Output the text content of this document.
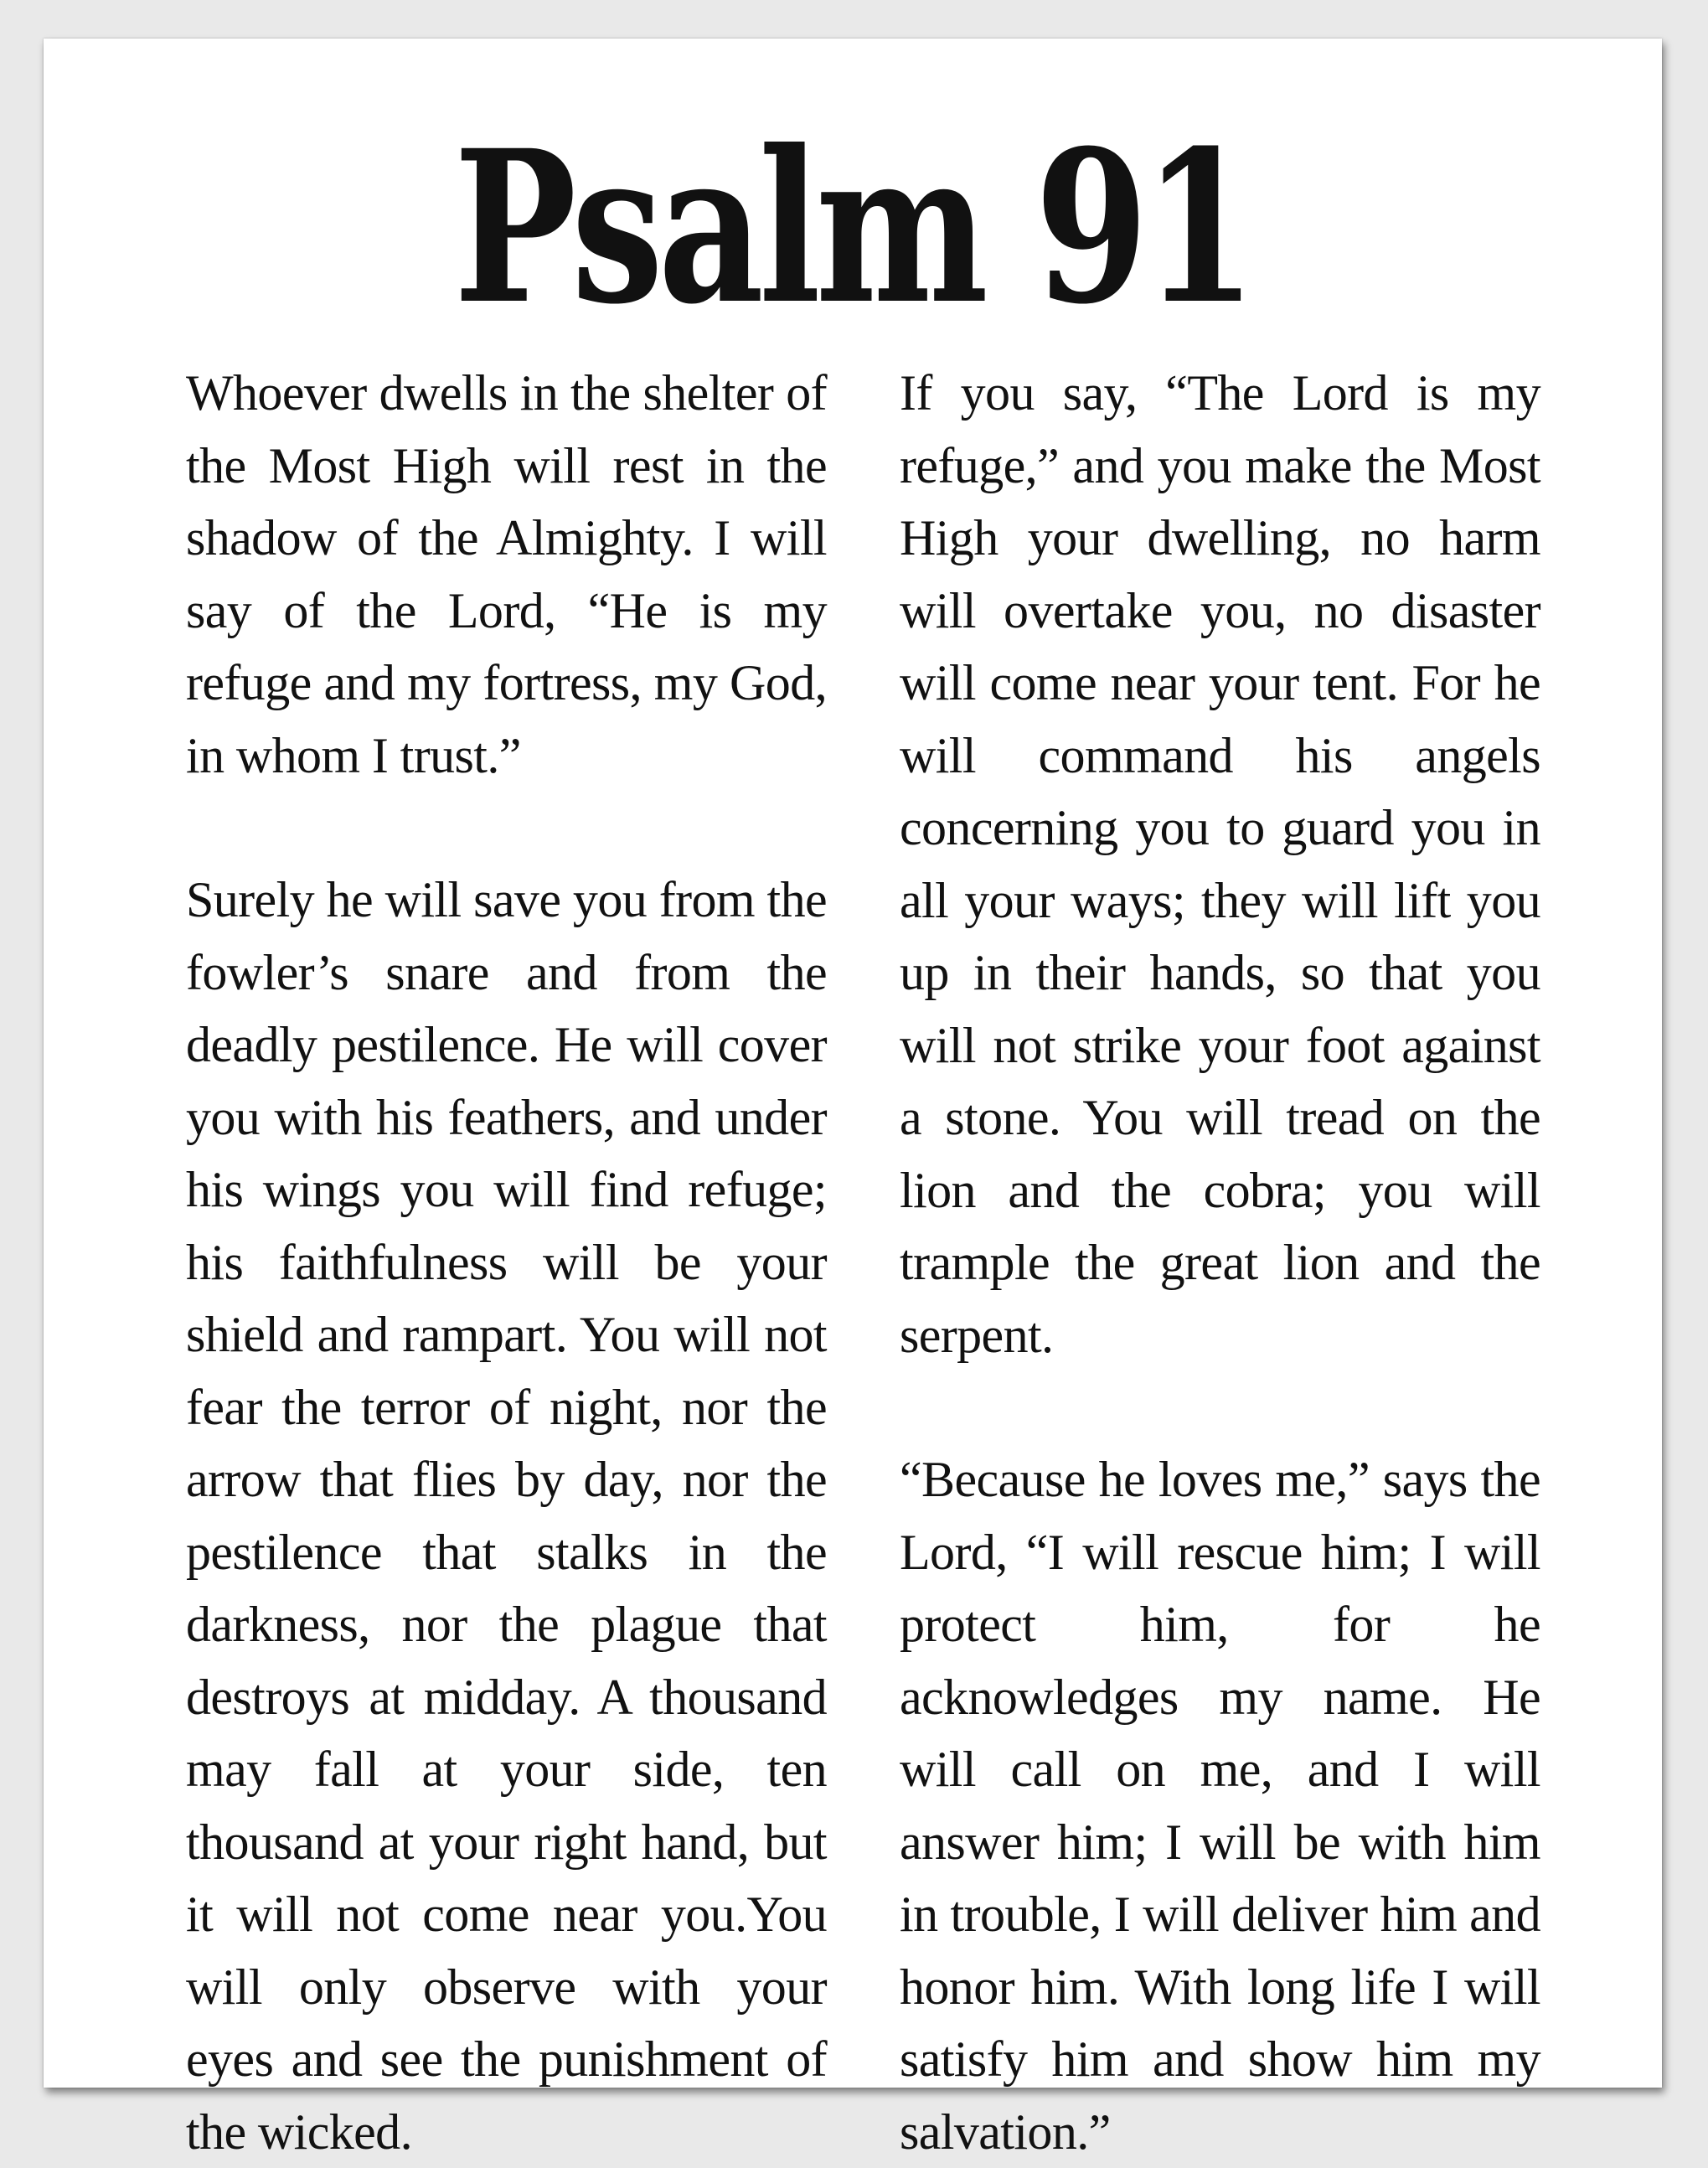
Psalm 91

Whoever dwells in the shelter of the Most High will rest in the shadow of the Almighty. I will say of the Lord, “He is my refuge and my fortress, my God, in whom I trust.”

Surely he will save you from the fowler’s snare and from the deadly pestilence. He will cover you with his feathers, and under his wings you will find refuge; his faithfulness will be your shield and rampart. You will not fear the terror of night, nor the arrow that flies by day, nor the pestilence that stalks in the darkness, nor the plague that destroys at midday. A thousand may fall at your side, ten thousand at your right hand, but it will not come near you.You will only observe with your eyes and see the punishment of the wicked.

If you say, “The Lord is my refuge,” and you make the Most High your dwelling, no harm will overtake you, no disaster will come near your tent. For he will command his angels concerning you to guard you in all your ways; they will lift you up in their hands, so that you will not strike your foot against a stone. You will tread on the lion and the cobra; you will trample the great lion and the serpent.

“Because he loves me,” says the Lord, “I will rescue him; I will protect him, for he acknowledges my name. He will call on me, and I will answer him; I will be with him in trouble, I will deliver him and honor him. With long life I will satisfy him and show him my salvation.”
